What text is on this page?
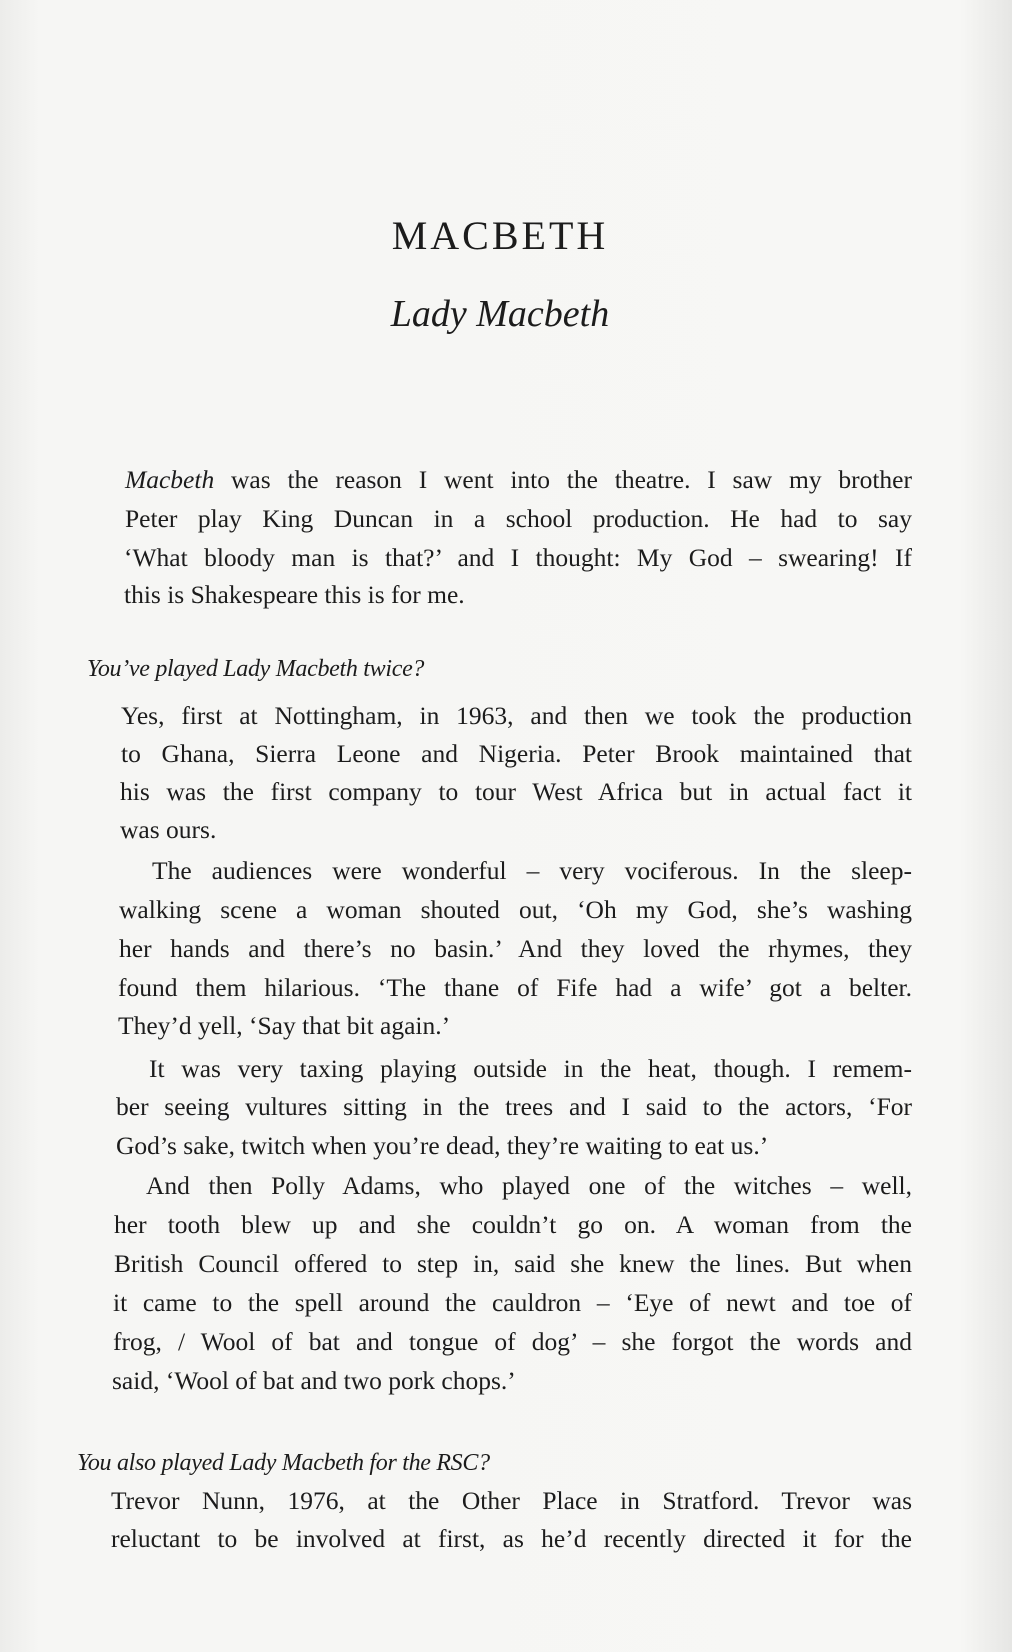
MACBETH
Lady Macbeth
Macbeth was the reason I went into the theatre. I saw my brother
Peter play King Duncan in a school production. He had to say
‘What bloody man is that?’ and I thought: My God – swearing! If
this is Shakespeare this is for me.
You’ve played Lady Macbeth twice?
Yes, first at Nottingham, in 1963, and then we took the production
to Ghana, Sierra Leone and Nigeria. Peter Brook maintained that
his was the first company to tour West Africa but in actual fact it
was ours.
The audiences were wonderful – very vociferous. In the sleep-
walking scene a woman shouted out, ‘Oh my God, she’s washing
her hands and there’s no basin.’ And they loved the rhymes, they
found them hilarious. ‘The thane of Fife had a wife’ got a belter.
They’d yell, ‘Say that bit again.’
It was very taxing playing outside in the heat, though. I remem-
ber seeing vultures sitting in the trees and I said to the actors, ‘For
God’s sake, twitch when you’re dead, they’re waiting to eat us.’
And then Polly Adams, who played one of the witches – well,
her tooth blew up and she couldn’t go on. A woman from the
British Council offered to step in, said she knew the lines. But when
it came to the spell around the cauldron – ‘Eye of newt and toe of
frog, / Wool of bat and tongue of dog’ – she forgot the words and
said, ‘Wool of bat and two pork chops.’
You also played Lady Macbeth for the RSC?
Trevor Nunn, 1976, at the Other Place in Stratford. Trevor was
reluctant to be involved at first, as he’d recently directed it for the
